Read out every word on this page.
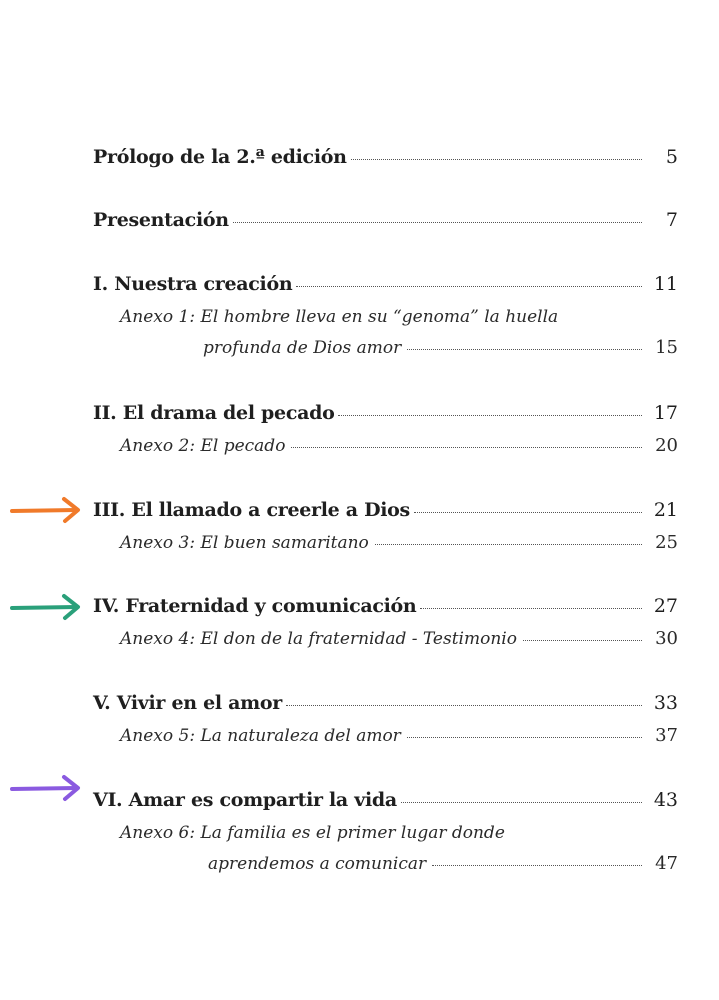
Prólogo de la 2.ª edición	5
Presentación	7
I. Nuestra creación	11
Anexo 1: El hombre lleva en su “genoma” la huella
profunda de Dios amor	15
II. El drama del pecado	17
Anexo 2: El pecado	20
III. El llamado a creerle a Dios	21
Anexo 3: El buen samaritano	25
IV. Fraternidad y comunicación	27
Anexo 4: El don de la fraternidad - Testimonio	30
V. Vivir en el amor	33
Anexo 5: La naturaleza del amor	37
VI. Amar es compartir la vida	43
Anexo 6: La familia es el primer lugar donde
aprendemos a comunicar	47
